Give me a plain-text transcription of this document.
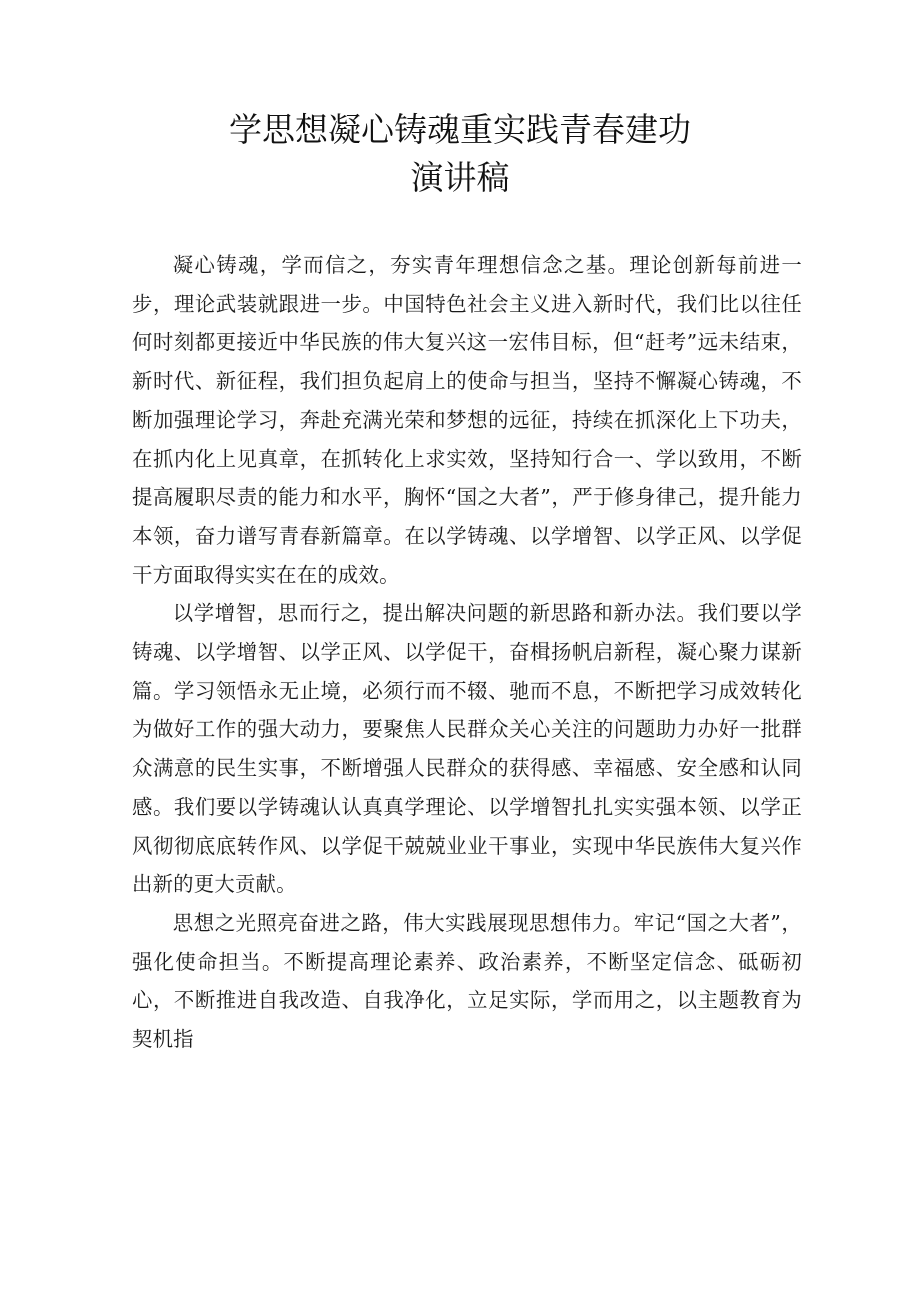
学思想凝心铸魂重实践青春建功
演讲稿

凝心铸魂，学而信之，夯实青年理想信念之基。理论创新每前进一步，理论武装就跟进一步。中国特色社会主义进入新时代，我们比以往任何时刻都更接近中华民族的伟大复兴这一宏伟目标，但“赶考”远未结束，新时代、新征程，我们担负起肩上的使命与担当，坚持不懈凝心铸魂，不断加强理论学习，奔赴充满光荣和梦想的远征，持续在抓深化上下功夫，在抓内化上见真章，在抓转化上求实效，坚持知行合一、学以致用，不断提高履职尽责的能力和水平，胸怀“国之大者”，严于修身律己，提升能力本领，奋力谱写青春新篇章。在以学铸魂、以学增智、以学正风、以学促干方面取得实实在在的成效。

以学增智，思而行之，提出解决问题的新思路和新办法。我们要以学铸魂、以学增智、以学正风、以学促干，奋楫扬帆启新程，凝心聚力谋新篇。学习领悟永无止境，必须行而不辍、驰而不息，不断把学习成效转化为做好工作的强大动力，要聚焦人民群众关心关注的问题助力办好一批群众满意的民生实事，不断增强人民群众的获得感、幸福感、安全感和认同感。我们要以学铸魂认认真真学理论、以学增智扎扎实实强本领、以学正风彻彻底底转作风、以学促干兢兢业业干事业，实现中华民族伟大复兴作出新的更大贡献。

思想之光照亮奋进之路，伟大实践展现思想伟力。牢记“国之大者”，强化使命担当。不断提高理论素养、政治素养，不断坚定信念、砥砺初心，不断推进自我改造、自我净化，立足实际，学而用之，以主题教育为契机指
